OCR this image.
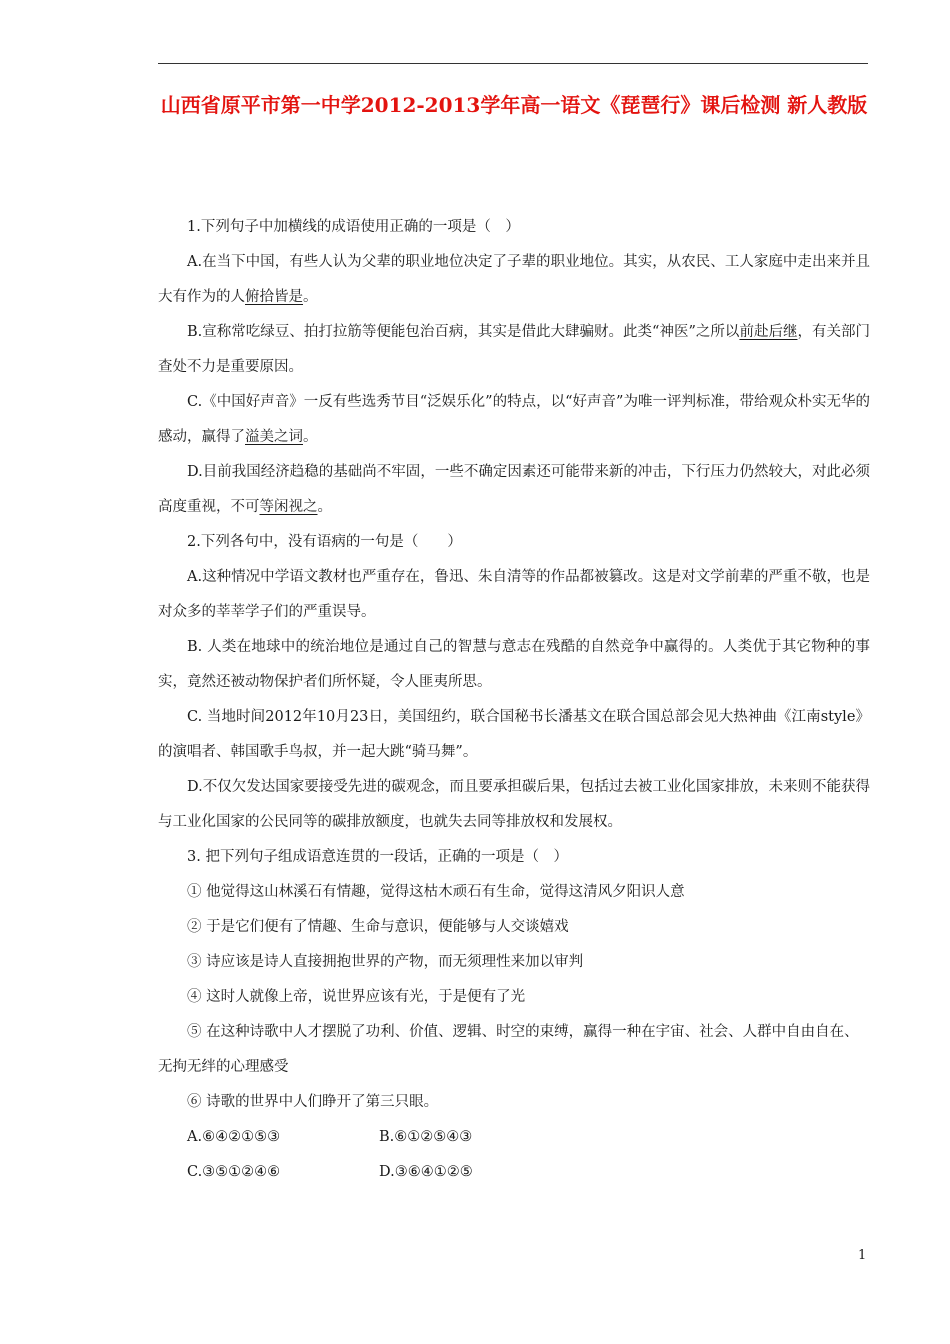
山西省原平市第一中学2012-2013学年高一语文《琵琶行》课后检测 新人教版

1.下列句子中加横线的成语使用正确的一项是（　）

A.在当下中国，有些人认为父辈的职业地位决定了子辈的职业地位。其实，从农民、工人家庭中走出来并且大有作为的人俯拾皆是。

B.宣称常吃绿豆、拍打拉筋等便能包治百病，其实是借此大肆骗财。此类“神医”之所以前赴后继，有关部门查处不力是重要原因。

C.《中国好声音》一反有些选秀节目“泛娱乐化”的特点，以“好声音”为唯一评判标准，带给观众朴实无华的感动，赢得了溢美之词。

D.目前我国经济趋稳的基础尚不牢固，一些不确定因素还可能带来新的冲击，下行压力仍然较大，对此必须高度重视，不可等闲视之。

2.下列各句中，没有语病的一句是（　　）

A.这种情况中学语文教材也严重存在，鲁迅、朱自清等的作品都被篡改。这是对文学前辈的严重不敬，也是对众多的莘莘学子们的严重误导。

B. 人类在地球中的统治地位是通过自己的智慧与意志在残酷的自然竞争中赢得的。人类优于其它物种的事实，竟然还被动物保护者们所怀疑，令人匪夷所思。

C. 当地时间2012年10月23日，美国纽约，联合国秘书长潘基文在联合国总部会见大热神曲《江南style》的演唱者、韩国歌手鸟叔，并一起大跳“骑马舞”。

D.不仅欠发达国家要接受先进的碳观念，而且要承担碳后果，包括过去被工业化国家排放，未来则不能获得与工业化国家的公民同等的碳排放额度，也就失去同等排放权和发展权。

3. 把下列句子组成语意连贯的一段话，正确的一项是（　）

① 他觉得这山林溪石有情趣，觉得这枯木顽石有生命，觉得这清风夕阳识人意

② 于是它们便有了情趣、生命与意识，便能够与人交谈嬉戏

③ 诗应该是诗人直接拥抱世界的产物，而无须理性来加以审判

④ 这时人就像上帝，说世界应该有光，于是便有了光

⑤ 在这种诗歌中人才摆脱了功利、价值、逻辑、时空的束缚，赢得一种在宇宙、社会、人群中自由自在、无拘无绊的心理感受

⑥ 诗歌的世界中人们睁开了第三只眼。

A.⑥④②①⑤③	B.⑥①②⑤④③
C.③⑤①②④⑥	D.③⑥④①②⑤
1
